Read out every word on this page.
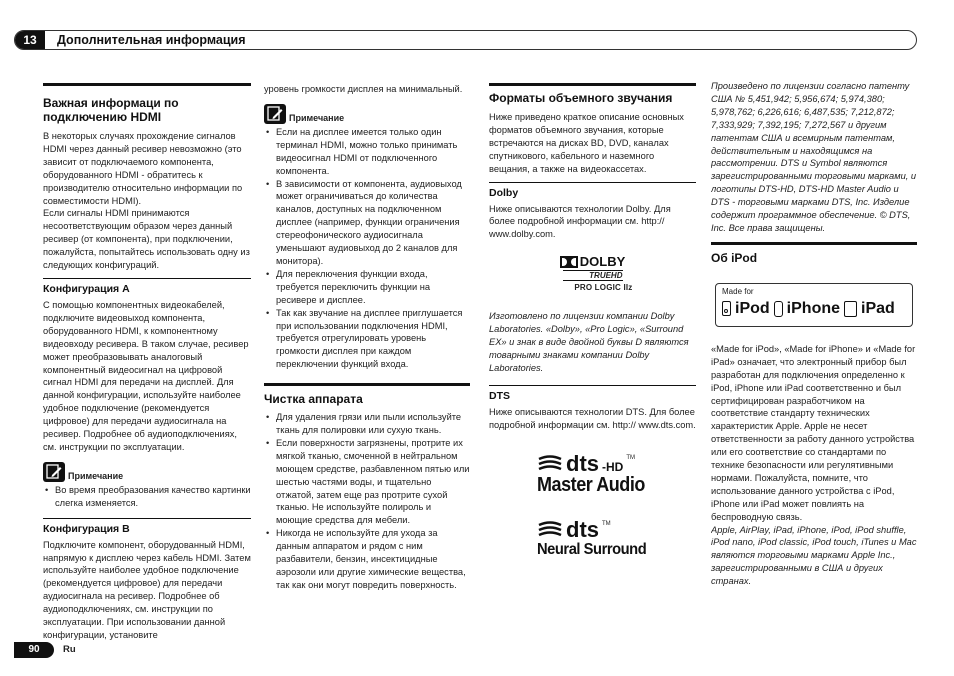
13	Дополнительная информация
Важная информаци по подключению HDMI

В некоторых случаях прохождение сигналов HDMI через данный ресивер невозможно (это зависит от подключаемого компонента, оборудованного HDMI - обратитесь к производителю относительно информации по совместимости HDMI).

Если сигналы HDMI принимаются несоответствующим образом через данный ресивер (от компонента), при подключении, пожалуйста, попытайтесь использовать одну из следующих конфигураций.

Конфигурация A

С помощью компонентных видеокабелей, подключите видеовыход компонента, оборудованного HDMI, к компонентному видеовходу ресивера. В таком случае, ресивер может преобразовывать аналоговый компонентный видеосигнал на цифровой сигнал HDMI для передачи на дисплей. Для данной конфигурации, используйте наиболее удобное подключение (рекомендуется цифровое) для передачи аудиосигнала на ресивер. Подробнее об аудиоподключениях, см. инструкции по эксплуатации.

Примечание
• Во время преобразования качество картинки слегка изменяется.
Конфигурация B

Подключите компонент, оборудованный HDMI, напрямую к дисплею через кабель HDMI. Затем используйте наиболее удобное подключение (рекомендуется цифровое) для передачи аудиосигнала на ресивер. Подробнее об аудиоподключениях, см. инструкции по эксплуатации. При использовании данной конфигурации, установите

уровень громкости дисплея на минимальный.

Примечание
• Если на дисплее имеется только один терминал HDMI, можно только принимать видеосигнал HDMI от подключенного компонента.
• В зависимости от компонента, аудиовыход может ограничиваться до количества каналов, доступных на подключенном дисплее (например, функции ограничения стереофонического аудиосигнала уменьшают аудиовыход до 2 каналов для монитора).
• Для переключения функции входа, требуется переключить функции на ресивере и дисплее.
• Так как звучание на дисплее приглушается при использовании подключения HDMI, требуется отрегулировать уровень громкости дисплея при каждом переключении функций входа.
Чистка аппарата
• Для удаления грязи или пыли используйте ткань для полировки или сухую ткань.
• Если поверхности загрязнены, протрите их мягкой тканью, смоченной в нейтральном моющем средстве, разбавленном пятью или шестью частями воды, и тщательно отжатой, затем еще раз протрите сухой тканью. Не используйте полироль и моющие средства для мебели.
• Никогда не используйте для ухода за данным аппаратом и рядом с ним разбавители, бензин, инсектицидные аэрозоли или другие химические вещества, так как они могут повредить поверхность.
Форматы объемного звучания

Ниже приведено краткое описание основных форматов объемного звучания, которые встречаются на дисках BD, DVD, каналах спутникового, кабельного и наземного вещания, а также на видеокассетах.

Dolby

Ниже описываются технологии Dolby. Для более подробной информации см. http:// www.dolby.com.

DOLBY
TRUEHD
PRO LOGIC IIz

Изготовлено по лицензии компании Dolby Laboratories. «Dolby», «Pro Logic», «Surround EX» и знак в виде двойной буквы D являются товарными знаками компании Dolby Laboratories.

DTS

Ниже описываются технологии DTS. Для более подробной информации см. http:// www.dts.com.

dts -HD
TM
Master Audio
dts TM
Neural Surround

Произведено по лицензии согласно патенту США № 5,451,942; 5,956,674; 5,974,380; 5,978,762; 6,226,616; 6,487,535; 7,212,872; 7,333,929; 7,392,195; 7,272,567 и другим патентам США и всемирным патентам, действительным и находящимся на рассмотрении. DTS и Symbol являются зарегистрированными торговыми марками, и логотипы DTS-HD, DTS-HD Master Audio и DTS - торговыми марками DTS, Inc. Изделие содержит программное обеспечение. © DTS, Inc. Все права защищены.

Об iPod
Made for
iPod iPhone iPad

«Made for iPod», «Made for iPhone» и «Made for iPad» означает, что электронный прибор был разработан для подключения определенно к iPod, iPhone или iPad соответственно и был сертифицирован разработчиком на соответствие стандарту технических характеристик Apple. Apple не несет ответственности за работу данного устройства или его соответствие со стандартами по технике безопасности или регулятивными нормами. Пожалуйста, помните, что использование данного устройства с iPod, iPhone или iPad может повлиять на беспроводную связь.

Apple, AirPlay, iPad, iPhone, iPod, iPod shuffle, iPod nano, iPod classic, iPod touch, iTunes и Mac являются торговыми марками Apple Inc., зарегистрированными в США и других странах.

90	Ru
